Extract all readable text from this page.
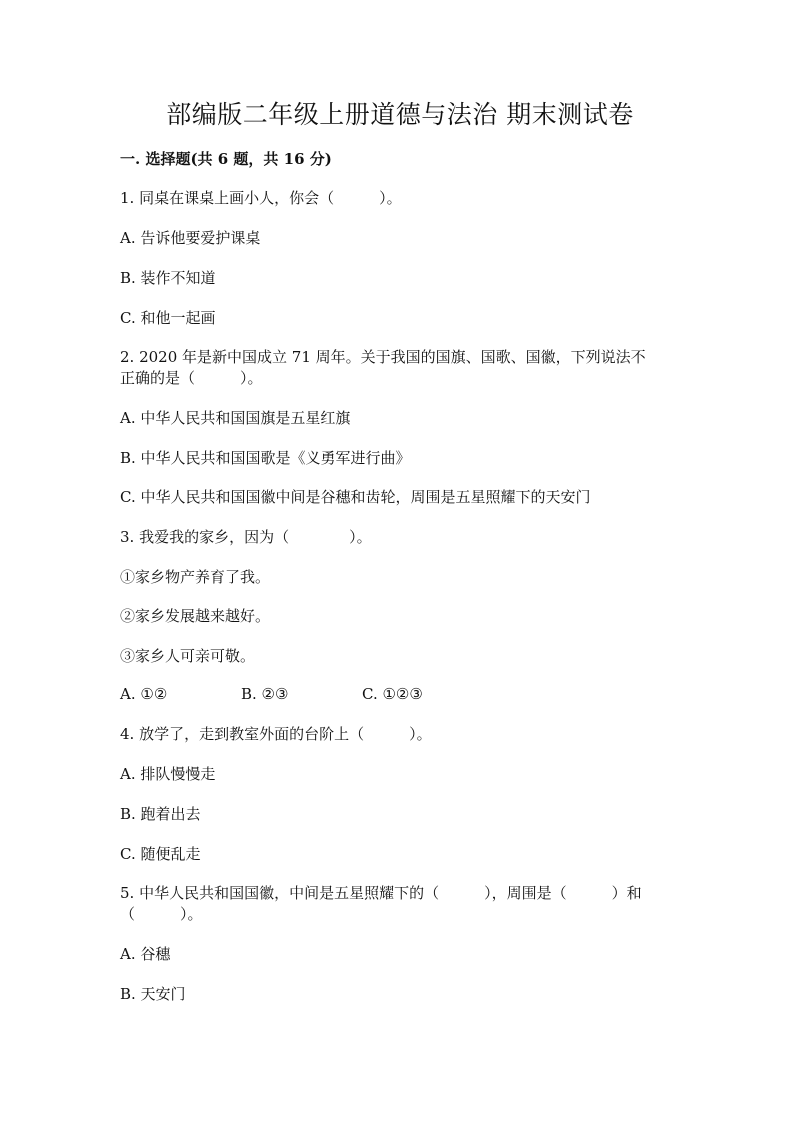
部编版二年级上册道德与法治 期末测试卷
一. 选择题(共 6 题，共 16 分)
1. 同桌在课桌上画小人，你会（　　　）。
A. 告诉他要爱护课桌
B. 装作不知道
C. 和他一起画
2. 2020 年是新中国成立 71 周年。关于我国的国旗、国歌、国徽，下列说法不
正确的是（　　　）。
A. 中华人民共和国国旗是五星红旗
B. 中华人民共和国国歌是《义勇军进行曲》
C. 中华人民共和国国徽中间是谷穗和齿轮，周围是五星照耀下的天安门
3. 我爱我的家乡，因为（　　　　）。
①家乡物产养育了我。
②家乡发展越来越好。
③家乡人可亲可敬。
A. ①②	B. ②③	C. ①②③
4. 放学了，走到教室外面的台阶上（　　　）。
A. 排队慢慢走
B. 跑着出去
C. 随便乱走
5. 中华人民共和国国徽，中间是五星照耀下的（　　　），周围是（　　　）和
（　　　）。
A. 谷穗
B. 天安门
